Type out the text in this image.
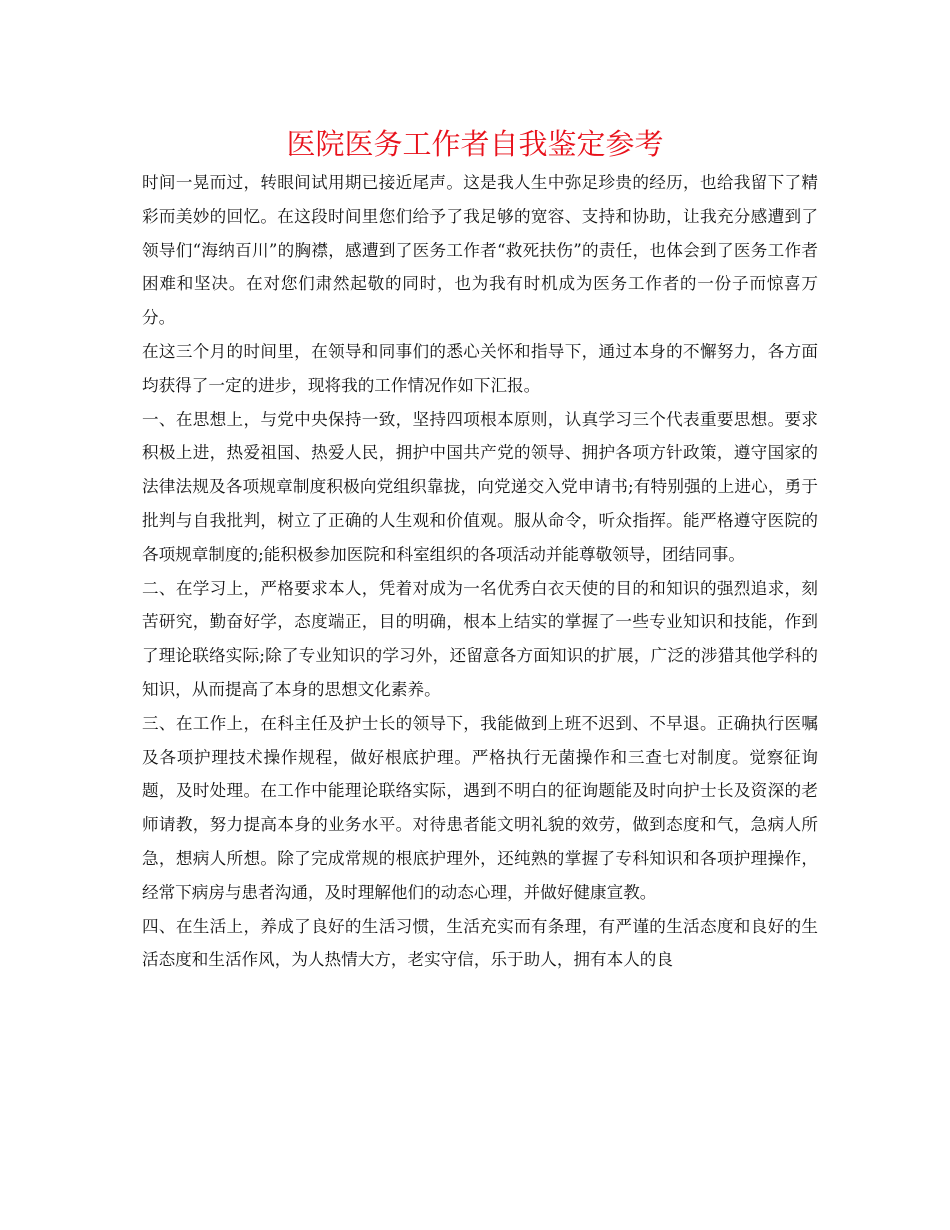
医院医务工作者自我鉴定参考

时间一晃而过，转眼间试用期已接近尾声。这是我人生中弥足珍贵的经历，也给我留下了精彩而美妙的回忆。在这段时间里您们给予了我足够的宽容、支持和协助，让我充分感遭到了领导们“海纳百川”的胸襟，感遭到了医务工作者“救死扶伤”的责任，也体会到了医务工作者困难和坚决。在对您们肃然起敬的同时，也为我有时机成为医务工作者的一份子而惊喜万分。

在这三个月的时间里，在领导和同事们的悉心关怀和指导下，通过本身的不懈努力，各方面均获得了一定的进步，现将我的工作情况作如下汇报。

一、在思想上，与党中央保持一致，坚持四项根本原则，认真学习三个代表重要思想。要求积极上进，热爱祖国、热爱人民，拥护中国共产党的领导、拥护各项方针政策，遵守国家的法律法规及各项规章制度积极向党组织靠拢，向党递交入党申请书;有特别强的上进心，勇于批判与自我批判，树立了正确的人生观和价值观。服从命令，听众指挥。能严格遵守医院的各项规章制度的;能积极参加医院和科室组织的各项活动并能尊敬领导，团结同事。

二、在学习上，严格要求本人，凭着对成为一名优秀白衣天使的目的和知识的强烈追求，刻苦研究，勤奋好学，态度端正，目的明确，根本上结实的掌握了一些专业知识和技能，作到了理论联络实际;除了专业知识的学习外，还留意各方面知识的扩展，广泛的涉猎其他学科的知识，从而提高了本身的思想文化素养。

三、在工作上，在科主任及护士长的领导下，我能做到上班不迟到、不早退。正确执行医嘱及各项护理技术操作规程，做好根底护理。严格执行无菌操作和三查七对制度。觉察征询题，及时处理。在工作中能理论联络实际，遇到不明白的征询题能及时向护士长及资深的老师请教，努力提高本身的业务水平。对待患者能文明礼貌的效劳，做到态度和气，急病人所急，想病人所想。除了完成常规的根底护理外，还纯熟的掌握了专科知识和各项护理操作，经常下病房与患者沟通，及时理解他们的动态心理，并做好健康宣教。

四、在生活上，养成了良好的生活习惯，生活充实而有条理，有严谨的生活态度和良好的生活态度和生活作风，为人热情大方，老实守信，乐于助人，拥有本人的良
